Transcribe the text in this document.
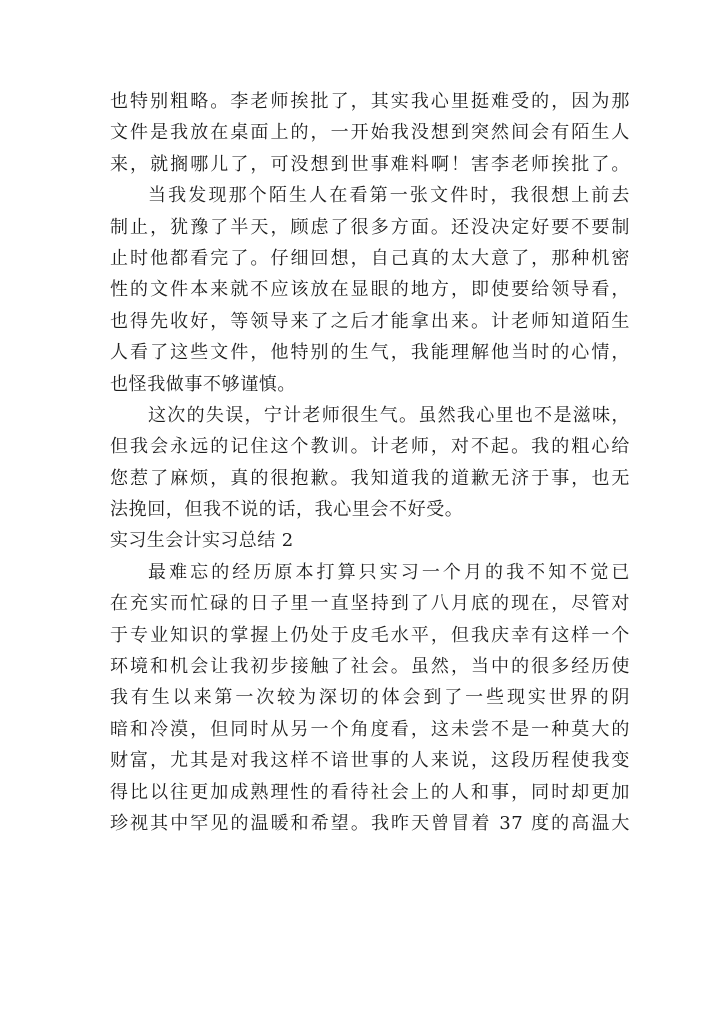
也特别粗略。李老师挨批了，其实我心里挺难受的，因为那
文件是我放在桌面上的，一开始我没想到突然间会有陌生人
来，就搁哪儿了，可没想到世事难料啊！害李老师挨批了。
当我发现那个陌生人在看第一张文件时，我很想上前去
制止，犹豫了半天，顾虑了很多方面。还没决定好要不要制
止时他都看完了。仔细回想，自己真的太大意了，那种机密
性的文件本来就不应该放在显眼的地方，即使要给领导看，
也得先收好，等领导来了之后才能拿出来。计老师知道陌生
人看了这些文件，他特别的生气，我能理解他当时的心情，
也怪我做事不够谨慎。
这次的失误，宁计老师很生气。虽然我心里也不是滋味，
但我会永远的记住这个教训。计老师，对不起。我的粗心给
您惹了麻烦，真的很抱歉。我知道我的道歉无济于事，也无
法挽回，但我不说的话，我心里会不好受。
实习生会计实习总结 2
最难忘的经历原本打算只实习一个月的我不知不觉已
在充实而忙碌的日子里一直坚持到了八月底的现在，尽管对
于专业知识的掌握上仍处于皮毛水平，但我庆幸有这样一个
环境和机会让我初步接触了社会。虽然，当中的很多经历使
我有生以来第一次较为深切的体会到了一些现实世界的阴
暗和冷漠，但同时从另一个角度看，这未尝不是一种莫大的
财富，尤其是对我这样不谙世事的人来说，这段历程使我变
得比以往更加成熟理性的看待社会上的人和事，同时却更加
珍视其中罕见的温暖和希望。我昨天曾冒着 37 度的高温大
